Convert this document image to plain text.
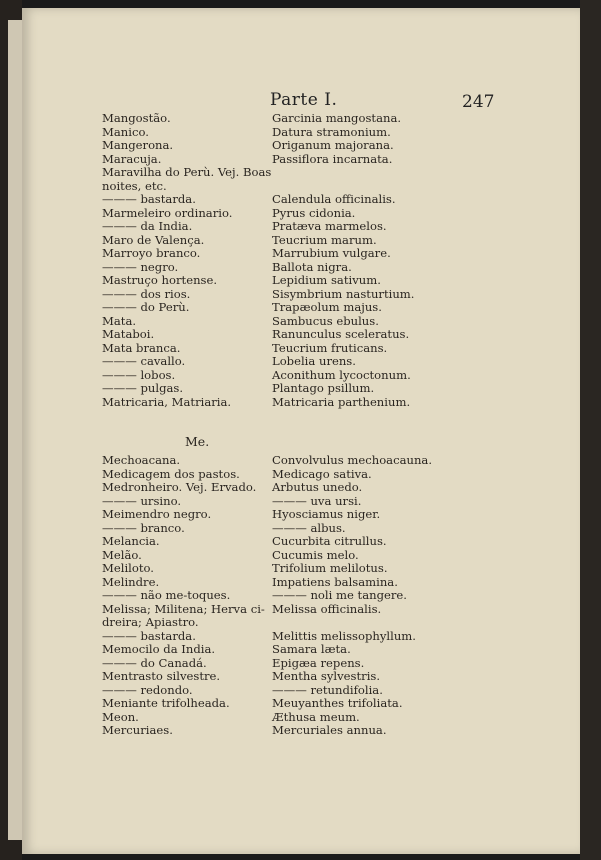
Parte I.	247
Mangostão.
Manico.
Mangerona.
Maracuja.
Maravilha do Perù. Vej. Boas
noites, etc.
——— bastarda.
Marmeleiro ordinario.
——— da India.
Maro de Valença.
Marroyo branco.
——— negro.
Mastruço hortense.
——— dos rios.
——— do Perù.
Mata.
Mataboi.
Mata branca.
——— cavallo.
——— lobos.
——— pulgas.
Matricaria, Matriaria.
Garcinia mangostana.
Datura stramonium.
Origanum majorana.
Passiflora incarnata.
Calendula officinalis.
Pyrus cidonia.
Pratæva marmelos.
Teucrium marum.
Marrubium vulgare.
Ballota nigra.
Lepidium sativum.
Sisymbrium nasturtium.
Trapæolum majus.
Sambucus ebulus.
Ranunculus sceleratus.
Teucrium fruticans.
Lobelia urens.
Aconithum lycoctonum.
Plantago psillum.
Matricaria parthenium.
Me.
Mechoacana.
Medicagem dos pastos.
Medronheiro. Vej. Ervado.
——— ursino.
Meimendro negro.
——— branco.
Melancia.
Melão.
Meliloto.
Melindre.
——— não me-toques.
Melissa; Militena; Herva ci-
dreira; Apiastro.
——— bastarda.
Memocilo da India.
——— do Canadá.
Mentrasto silvestre.
——— redondo.
Meniante trifolheada.
Meon.
Mercuriaes.
Convolvulus mechoacauna.
Medicago sativa.
Arbutus unedo.
——— uva ursi.
Hyosciamus niger.
——— albus.
Cucurbita citrullus.
Cucumis melo.
Trifolium melilotus.
Impatiens balsamina.
——— noli me tangere.
Melissa officinalis.
Melittis melissophyllum.
Samara læta.
Epigæa repens.
Mentha sylvestris.
——— retundifolia.
Meuyanthes trifoliata.
Æthusa meum.
Mercuriales annua.
